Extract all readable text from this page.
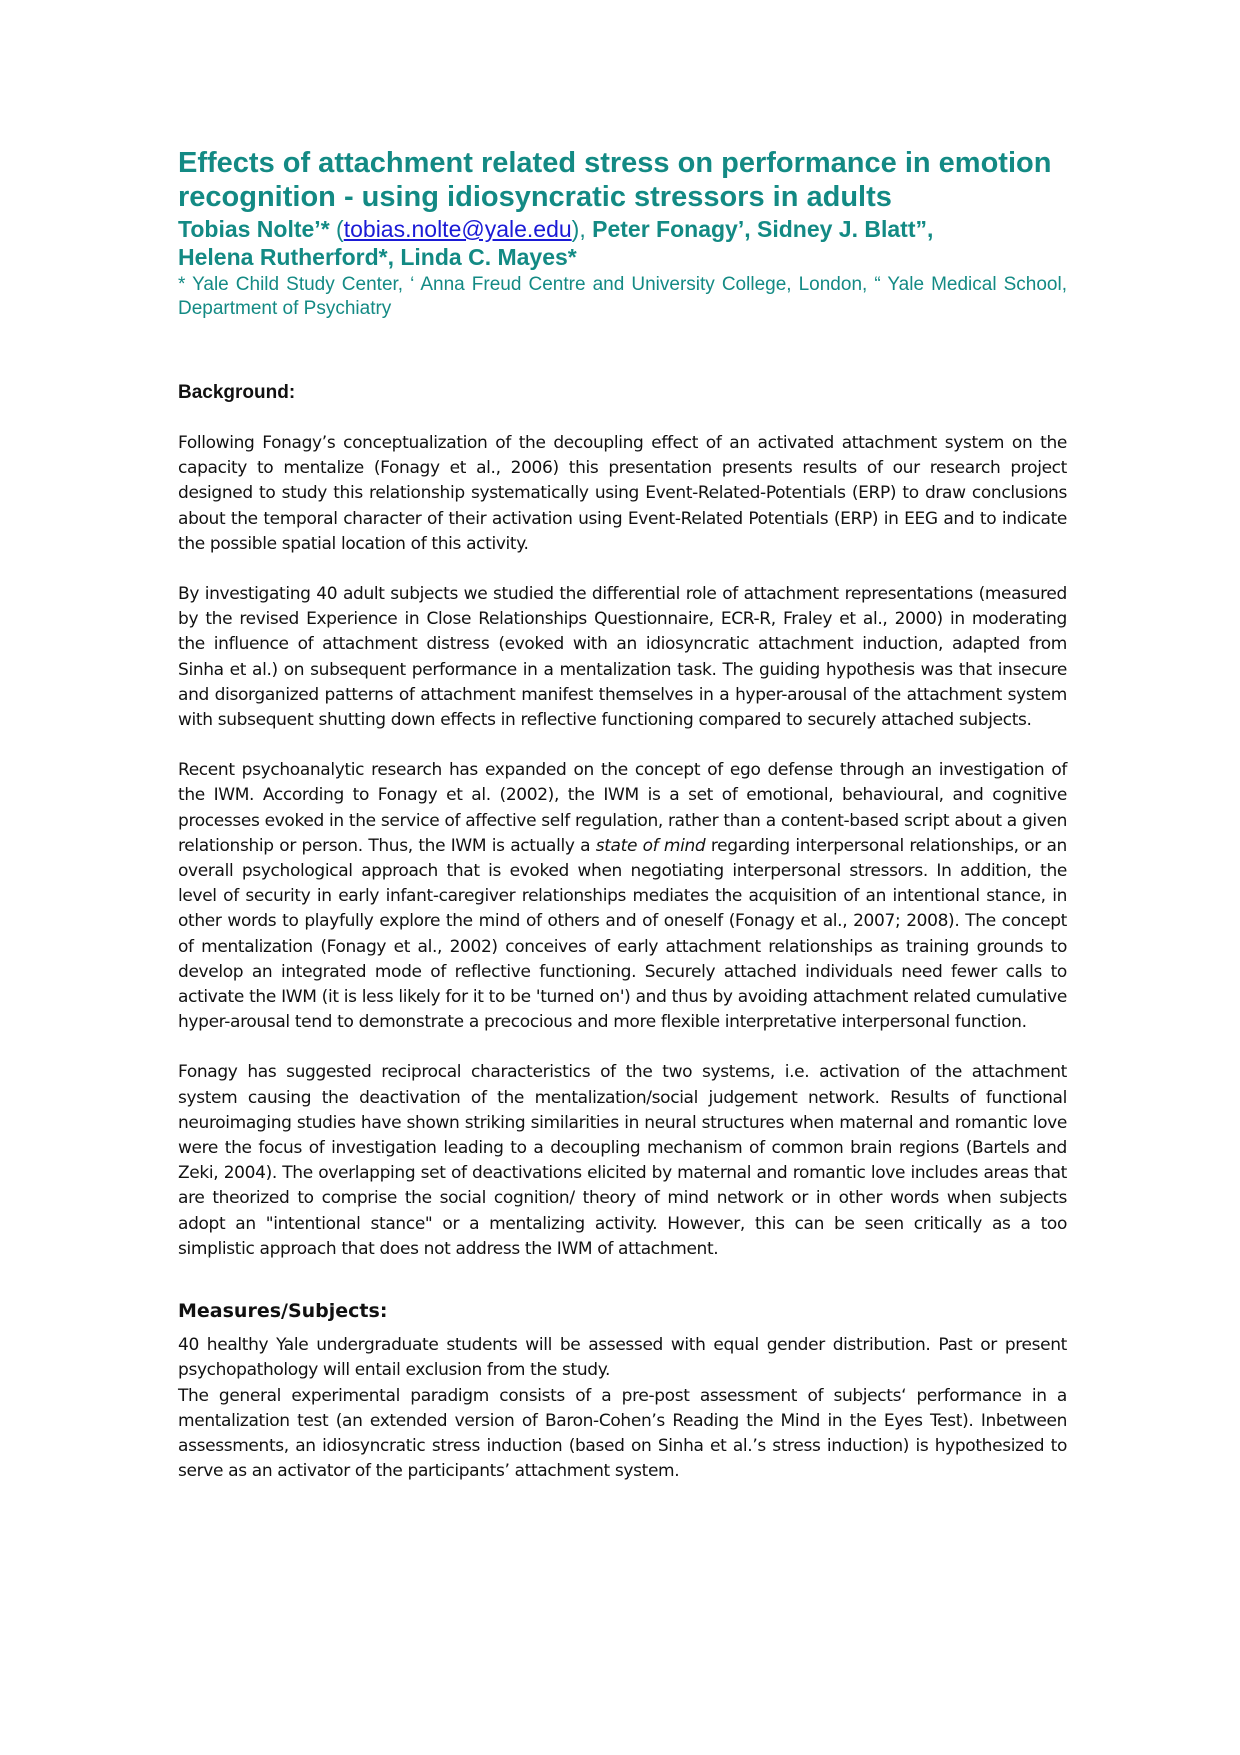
Effects of attachment related stress on performance in emotion recognition - using idiosyncratic stressors in adults
Tobias Nolte’* (tobias.nolte@yale.edu), Peter Fonagy’, Sidney J. Blatt”,
Helena Rutherford*, Linda C. Mayes*

* Yale Child Study Center, ‘ Anna Freud Centre and University College, London, “ Yale Medical School, Department of Psychiatry

Background:

Following Fonagy’s conceptualization of the decoupling effect of an activated attachment system on the capacity to mentalize (Fonagy et al., 2006) this presentation presents results of our research project designed to study this relationship systematically using Event-Related-Potentials (ERP) to draw conclusions about the temporal character of their activation using Event-Related Potentials (ERP) in EEG and to indicate the possible spatial location of this activity.

By investigating 40 adult subjects we studied the differential role of attachment representations (measured by the revised Experience in Close Relationships Questionnaire, ECR-R, Fraley et al., 2000) in moderating the influence of attachment distress (evoked with an idiosyncratic attachment induction, adapted from Sinha et al.) on subsequent performance in a mentalization task. The guiding hypothesis was that insecure and disorganized patterns of attachment manifest themselves in a hyper-arousal of the attachment system with subsequent shutting down effects in reflective functioning compared to securely attached subjects.

Recent psychoanalytic research has expanded on the concept of ego defense through an investigation of the IWM. According to Fonagy et al. (2002), the IWM is a set of emotional, behavioural, and cognitive processes evoked in the service of affective self regulation, rather than a content-based script about a given relationship or person. Thus, the IWM is actually a state of mind regarding interpersonal relationships, or an overall psychological approach that is evoked when negotiating interpersonal stressors. In addition, the level of security in early infant-caregiver relationships mediates the acquisition of an intentional stance, in other words to playfully explore the mind of others and of oneself (Fonagy et al., 2007; 2008). The concept of mentalization (Fonagy et al., 2002) conceives of early attachment relationships as training grounds to develop an integrated mode of reflective functioning. Securely attached individuals need fewer calls to activate the IWM (it is less likely for it to be 'turned on') and thus by avoiding attachment related cumulative hyper-arousal tend to demonstrate a precocious and more flexible interpretative interpersonal function.

Fonagy has suggested reciprocal characteristics of the two systems, i.e. activation of the attachment system causing the deactivation of the mentalization/social judgement network. Results of functional neuroimaging studies have shown striking similarities in neural structures when maternal and romantic love were the focus of investigation leading to a decoupling mechanism of common brain regions (Bartels and Zeki, 2004). The overlapping set of deactivations elicited by maternal and romantic love includes areas that are theorized to comprise the social cognition/ theory of mind network or in other words when subjects adopt an "intentional stance" or a mentalizing activity. However, this can be seen critically as a too simplistic approach that does not address the IWM of attachment.

Measures/Subjects:

40 healthy Yale undergraduate students will be assessed with equal gender distribution. Past or present psychopathology will entail exclusion from the study.

The general experimental paradigm consists of a pre-post assessment of subjects‘ performance in a mentalization test (an extended version of Baron-Cohen’s Reading the Mind in the Eyes Test). Inbetween assessments, an idiosyncratic stress induction (based on Sinha et al.’s stress induction) is hypothesized to serve as an activator of the participants’ attachment system.
